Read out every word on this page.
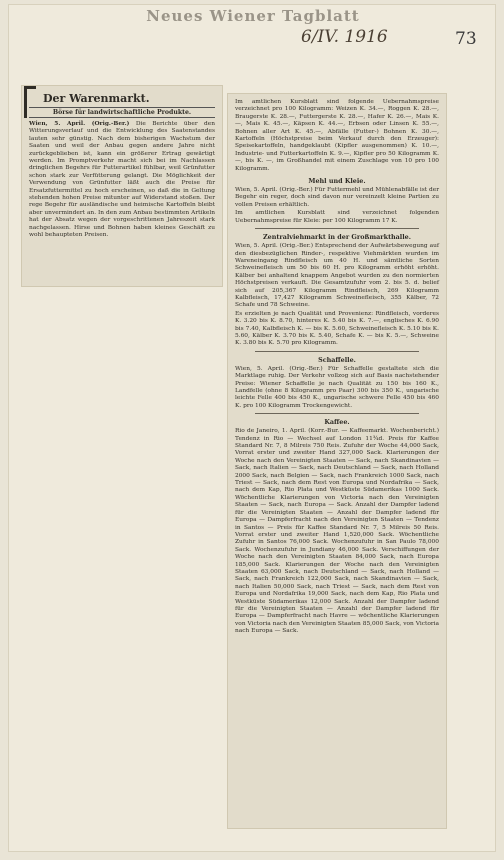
Neues Wiener Tagblatt
6/IV. 1916	73
Der Warenmarkt.
Börse für landwirtschaftliche Produkte.
Wien, 5. April. (Orig.-Ber.) Die Berichte über den Witterungsverlauf und die Entwicklung des Saatenstandes lauten sehr günstig. Nach dem bisherigen Wachstum der Saaten und weil der Anbau gegen andere Jahre nicht zurückgeblieben ist, kann ein größerer Ertrag gewärtigt werden. Im Promptverkehr macht sich bei im Nachlassen dringlichen Begehrs für Futterartikel fühlbar, weil Grünfutter schon stark zur Verfütterung gelangt. Die Möglichkeit der Verwendung von Grünfutter läßt auch die Preise für Ersatzfuttermittel zu hoch erscheinen, so daß die in Geltung stehenden hohen Preise mitunter auf Widerstand stoßen. Der rege Begehr für ausländische und heimische Kartoffeln bleibt aber unvermindert an. In den zum Anbau bestimmten Artikeln hat der Absatz wegen der vorgeschrittenen Jahreszeit stark nachgelassen. Hirse und Bohnen haben kleines Geschäft zu wohl behaupteten Preisen.
Im amtlichen Kursblatt sind folgende Uebernahmspreise verzeichnet pro 100 Kilogramm: Weizen K. 34.—, Roggen K. 28.—, Braugerste K. 28.—, Futtergerste K. 28.—, Hafer K. 26.—, Mais K. —, Mais K. 45.—, Käpsen K. 44.—, Erbsen oder Linsen K. 55.—, Bohnen aller Art K. 45.—, Abfälle (Futter-) Bohnen K. 30.—, Kartoffeln (Höchstpreise beim Verkauf durch den Erzeuger): Speisekartoffeln, handgeklaubt (Kipfler ausgenommen) K. 10.—, Industrie- und Futterkartoffeln K. 9.—, Kipfler pro 50 Kilogramm K. —, bis K. —, im Großhandel mit einem Zuschlage von 10 pro 100 Kilogramm.
Mehl und Kleie.
Wien, 5. April. (Orig.-Ber.) Für Futtermehl und Mühlenabfälle ist der Begehr ein reger, doch sind davon nur vereinzelt kleine Partien zu vollen Preisen erhältlich.
Im amtlichen Kursblatt sind verzeichnet folgenden Uebernahmspreise für Kleie: per 100 Kilogramm 17 K.
Zentralviehmarkt in der Großmarkthalle.
Wien, 5. April. (Orig.-Ber.) Entsprechend der Aufwärtsbewegung auf den diesbezüglichen Rinder-, respektive Viehmärkten wurden im Wareneingang Rindfleisch um 40 H. und sämtliche Sorten Schweinefleisch um 50 bis 60 H. pro Kilogramm erhöht erhöht. Kälber bei anhaltend knappem Angebot wurden zu den normierten Höchstpreisen verkauft. Die Gesamtzufuhr vom 2. bis 5. d. belief sich auf 205,367 Kilogramm Rindfleisch, 269 Kilogramm Kalbfleisch, 17,427 Kilogramm Schweinefleisch, 355 Kälber, 72 Schafe und 78 Schweine.
Es erzielten je nach Qualität und Provenienz: Rindfleisch, vorderes K. 3.20 bis K. 8.70, hinteres K. 5.40 bis K. 7.—, englisches K. 6.90 bis 7.40, Kalbfleisch K. — bis K. 5.60, Schweinefleisch K. 5.10 bis K. 5.60, Kälber K. 3.70 bis K. 5.40, Schafe K. — bis K. 5.—, Schweine K. 3.80 bis K. 5.70 pro Kilogramm.
Schaffelle.
Wien, 5. April. (Orig.-Ber.) Für Schaffelle gestaltete sich die Marktlage ruhig. Der Verkehr vollzog sich auf Basis nachstehender Preise: Wiener Schaffelle je nach Qualität zu 150 bis 160 K., Landfelle (ohne 8 Kilogramm pro Paar) 300 bis 350 K., ungarische leichte Felle 400 bis 450 K., ungarische schwere Felle 450 bis 460 K. pro 100 Kilogramm Trockengewicht.
Kaffee.
Rio de Janeiro, 1. April. (Korr.-Bur. — Kaffeemarkt. Wochenbericht.) Tendenz in Rio — Wechsel auf London 11¾d. Preis für Kaffee Standard Nr. 7, 8 Milreis 750 Reis. Zufuhr der Woche 44,000 Sack, Vorrat erster und zweiter Hand 327,000 Sack. Klarierungen der Woche nach den Vereinigten Staaten — Sack, nach Skandinavien — Sack, nach Italien — Sack, nach Deutschland — Sack, nach Holland 2000 Sack, nach Belgien — Sack, nach Frankreich 1000 Sack, nach Triest — Sack, nach dem Rest von Europa und Nordafrika — Sack, nach dem Kap, Rio Plata und Westküste Südamerikas 1000 Sack. Wöchentliche Klarierungen von Victoria nach den Vereinigten Staaten — Sack, nach Europa — Sack. Anzahl der Dampfer ladend für die Vereinigten Staaten — Anzahl der Dampfer ladend für Europa — Dampferfracht nach den Vereinigten Staaten — Tendenz in Santos — Preis für Kaffee Standard Nr. 7, 5 Milreis 50 Reis. Vorrat erster und zweiter Hand 1,520,000 Sack. Wöchentliche Zufuhr in Santos 76,000 Sack. Wochenzufuhr in San Paulo 78,000 Sack. Wochenzufuhr in Jundiany 46,000 Sack. Verschiffungen der Woche nach den Vereinigten Staaten 84,000 Sack, nach Europa 185,000 Sack. Klarierungen der Woche nach den Vereinigten Staaten 63,000 Sack, nach Deutschland — Sack, nach Holland — Sack, nach Frankreich 122,000 Sack, nach Skandinavien — Sack, nach Italien 50,000 Sack, nach Triest — Sack, nach dem Rest von Europa und Nordafrika 19,000 Sack, nach dem Kap, Rio Plata und Westküste Südamerikas 12,000 Sack. Anzahl der Dampfer ladend für die Vereinigten Staaten — Anzahl der Dampfer ladend für Europa — Dampferfracht nach Havre — wöchentliche Klarierungen von Victoria nach den Vereinigten Staaten 85,000 Sack, von Victoria nach Europa — Sack.
